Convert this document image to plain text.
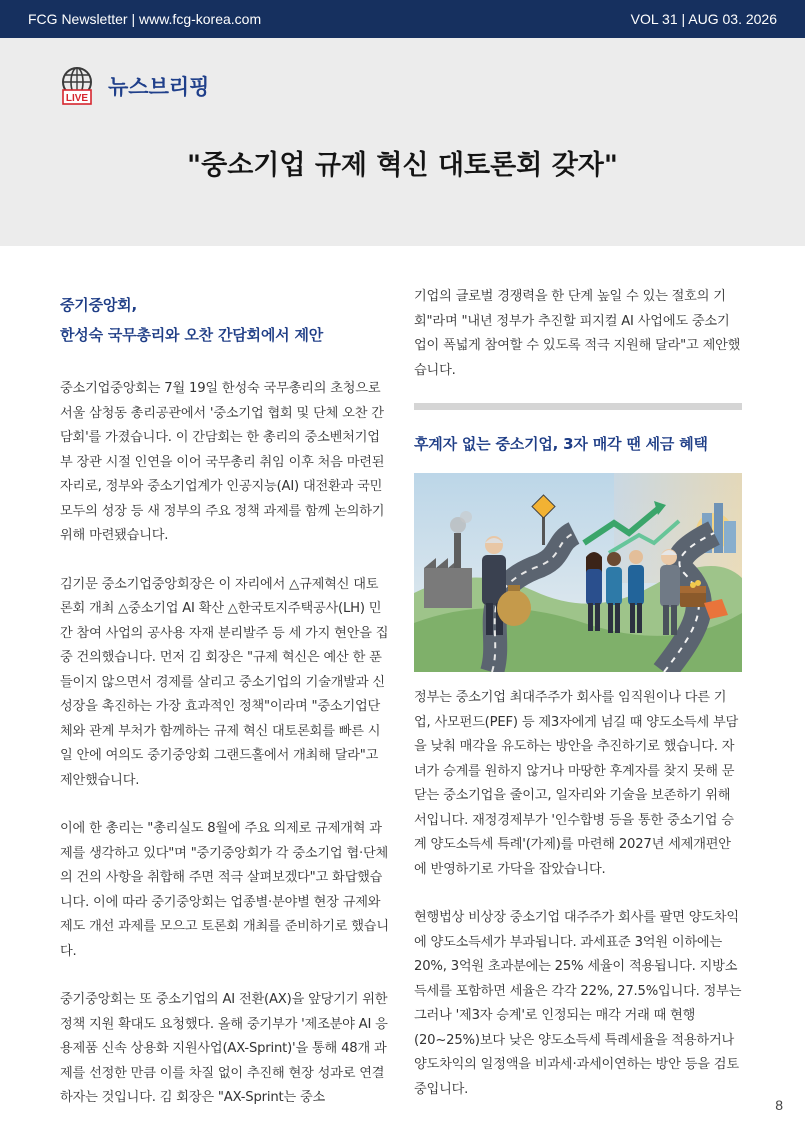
FCG Newsletter | www.fcg-korea.com	VOL 31 | AUG 03. 2026
LIVE 뉴스브리핑
"중소기업 규제 혁신 대토론회 갖자"
중기중앙회,
한성숙 국무총리와 오찬 간담회에서 제안

중소기업중앙회는 7월 19일 한성숙 국무총리의 초청으로 서울 삼청동 총리공관에서 '중소기업 협회 및 단체 오찬 간담회'를 가졌습니다. 이 간담회는 한 총리의 중소벤처기업부 장관 시절 인연을 이어 국무총리 취임 이후 처음 마련된 자리로, 정부와 중소기업계가 인공지능(AI) 대전환과 국민 모두의 성장 등 새 정부의 주요 정책 과제를 함께 논의하기 위해 마련됐습니다.

김기문 중소기업중앙회장은 이 자리에서 △규제혁신 대토론회 개최 △중소기업 AI 확산 △한국토지주택공사(LH) 민간 참여 사업의 공사용 자재 분리발주 등 세 가지 현안을 집중 건의했습니다. 먼저 김 회장은 "규제 혁신은 예산 한 푼 들이지 않으면서 경제를 살리고 중소기업의 기술개발과 신성장을 촉진하는 가장 효과적인 정책"이라며 "중소기업단체와 관계 부처가 함께하는 규제 혁신 대토론회를 빠른 시일 안에 여의도 중기중앙회 그랜드홀에서 개최해 달라"고 제안했습니다.

이에 한 총리는 "총리실도 8월에 주요 의제로 규제개혁 과제를 생각하고 있다"며 "중기중앙회가 각 중소기업 협·단체의 건의 사항을 취합해 주면 적극 살펴보겠다"고 화답했습니다. 이에 따라 중기중앙회는 업종별·분야별 현장 규제와 제도 개선 과제를 모으고 토론회 개최를 준비하기로 했습니다.

중기중앙회는 또 중소기업의 AI 전환(AX)을 앞당기기 위한 정책 지원 확대도 요청했다. 올해 중기부가 '제조분야 AI 응용제품 신속 상용화 지원사업(AX-Sprint)'을 통해 48개 과제를 선정한 만큼 이를 차질 없이 추진해 현장 성과로 연결하자는 것입니다. 김 회장은 "AX-Sprint는 중소

기업의 글로벌 경쟁력을 한 단계 높일 수 있는 절호의 기회"라며 "내년 정부가 추진할 피지컬 AI 사업에도 중소기업이 폭넓게 참여할 수 있도록 적극 지원해 달라"고 제안했습니다.

후계자 없는 중소기업, 3자 매각 땐 세금 혜택

정부는 중소기업 최대주주가 회사를 임직원이나 다른 기업, 사모펀드(PEF) 등 제3자에게 넘길 때 양도소득세 부담을 낮춰 매각을 유도하는 방안을 추진하기로 했습니다. 자녀가 승계를 원하지 않거나 마땅한 후계자를 찾지 못해 문 닫는 중소기업을 줄이고, 일자리와 기술을 보존하기 위해서입니다. 재정경제부가 '인수합병 등을 통한 중소기업 승계 양도소득세 특례'(가제)를 마련해 2027년 세제개편안에 반영하기로 가닥을 잡았습니다.

현행법상 비상장 중소기업 대주주가 회사를 팔면 양도차익에 양도소득세가 부과됩니다. 과세표준 3억원 이하에는 20%, 3억원 초과분에는 25% 세율이 적용됩니다. 지방소득세를 포함하면 세율은 각각 22%, 27.5%입니다. 정부는 그러나 '제3자 승계'로 인정되는 매각 거래 때 현행(20~25%)보다 낮은 양도소득세 특례세율을 적용하거나 양도차익의 일정액을 비과세·과세이연하는 방안 등을 검토 중입니다.

8
